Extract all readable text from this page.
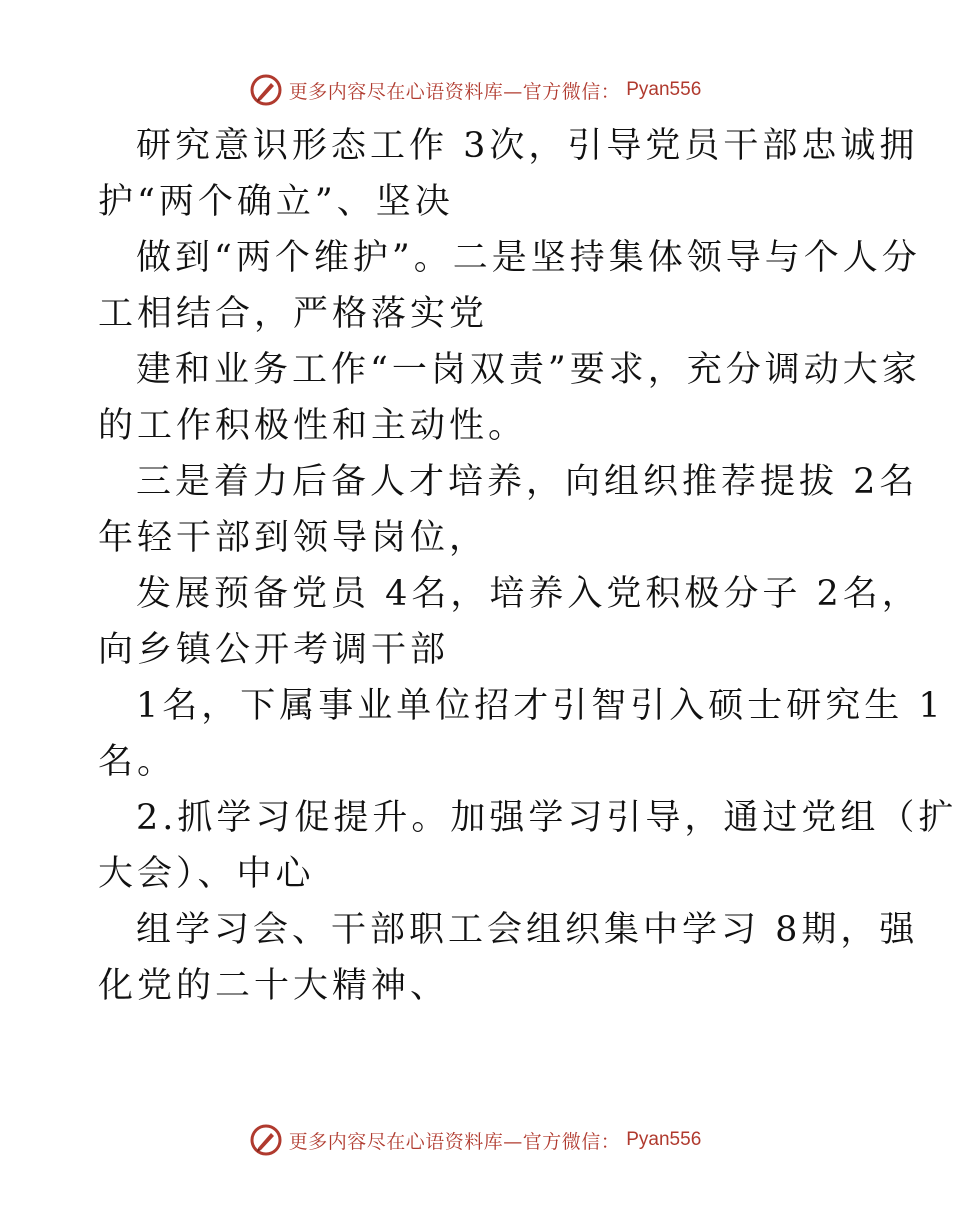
更多内容尽在心语资料库—官方微信： Pyan556
研究意识形态工作 3次，引导党员干部忠诚拥
护“两个确立”、坚决
做到“两个维护”。二是坚持集体领导与个人分
工相结合，严格落实党
建和业务工作“一岗双责”要求，充分调动大家
的工作积极性和主动性。
三是着力后备人才培养，向组织推荐提拔 2名
年轻干部到领导岗位，
发展预备党员 4名，培养入党积极分子 2名，
向乡镇公开考调干部
1名，下属事业单位招才引智引入硕士研究生 1
名。
2.抓学习促提升。加强学习引导，通过党组（扩
大会）、中心
组学习会、干部职工会组织集中学习 8期，强
化党的二十大精神、
更多内容尽在心语资料库—官方微信： Pyan556
